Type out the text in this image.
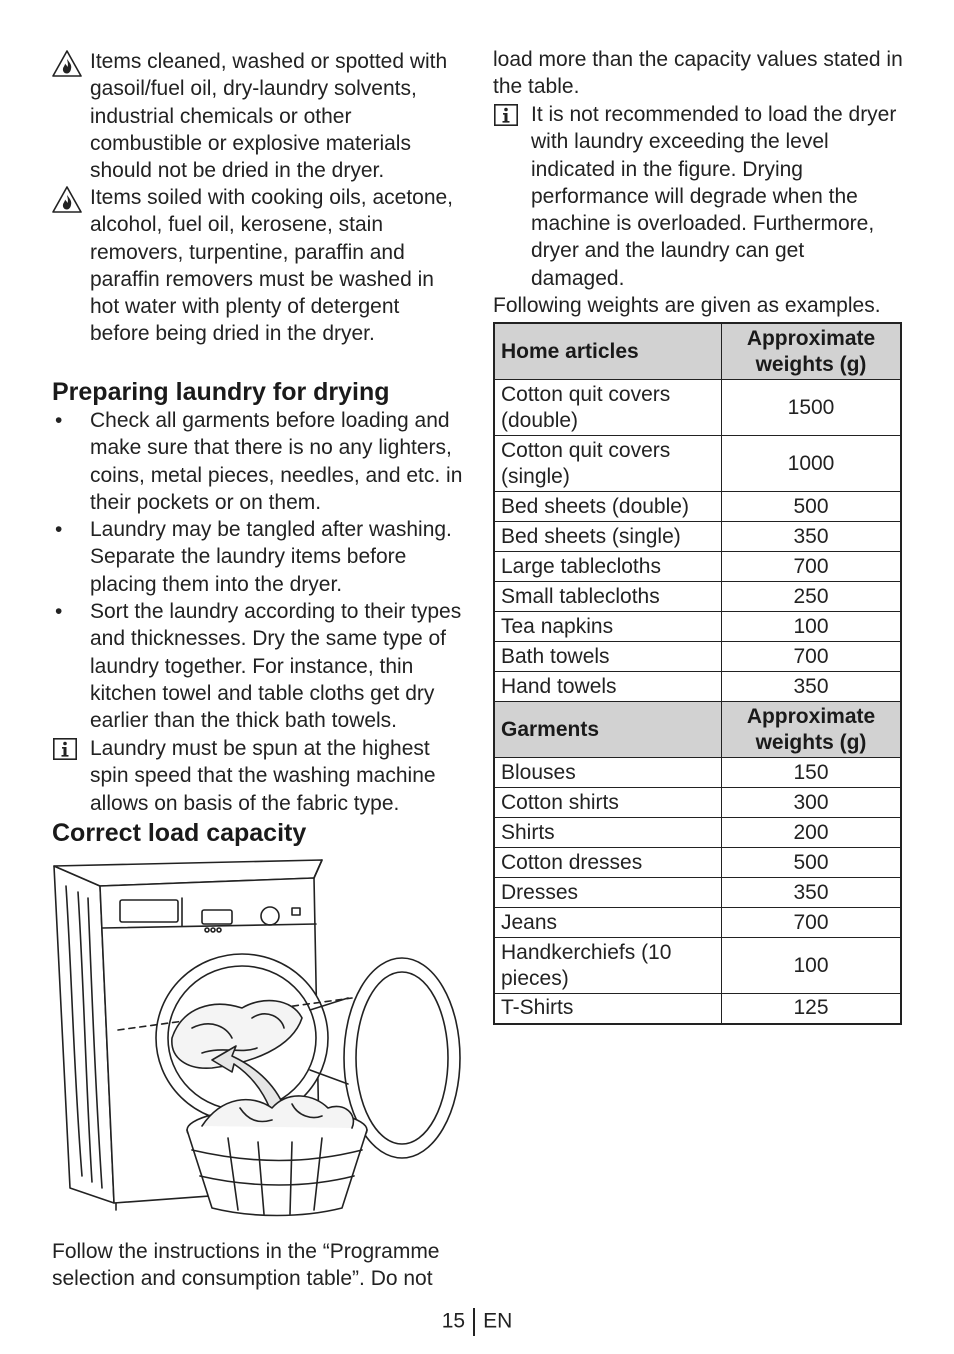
Items cleaned, washed or spotted with gasoil/fuel oil, dry-laundry solvents, industrial chemicals or other combustible or explosive materials should not be dried in the dryer.

Items soiled with cooking oils, acetone, alcohol, fuel oil, kerosene, stain removers, turpentine, paraffin and paraffin removers must be washed in hot water with plenty of detergent before being dried in the dryer.

Preparing laundry for drying
• Check all garments before loading and make sure that there is no any lighters, coins, metal pieces, needles, and etc. in their pockets or on them.
• Laundry may be tangled after washing. Separate the laundry items before placing them into the dryer.
• Sort the laundry according to their types and thicknesses. Dry the same type of laundry together. For instance, thin kitchen towel and table cloths get dry earlier than the thick bath towels.

Laundry must be spun at the highest spin speed that the washing machine allows on basis of the fabric type.

Correct load capacity

Follow the instructions in the “Programme selection and consumption table”. Do not

load more than the capacity values stated in the table.

It is not recommended to load the dryer with laundry exceeding the level indicated in the figure. Drying performance will degrade when the machine is overloaded. Furthermore, dryer and the laundry can get damaged.

Following weights are given as examples.

Home articles	Approximate weights (g)
Cotton quit covers (double)	1500
Cotton quit covers (single)	1000
Bed sheets (double)	500
Bed sheets (single)	350
Large tablecloths	700
Small tablecloths	250
Tea napkins	100
Bath towels	700
Hand towels	350
Garments	Approximate weights (g)
Blouses	150
Cotton shirts	300
Shirts	200
Cotton dresses	500
Dresses	350
Jeans	700
Handkerchiefs (10 pieces)	100
T-Shirts	125
15 EN
